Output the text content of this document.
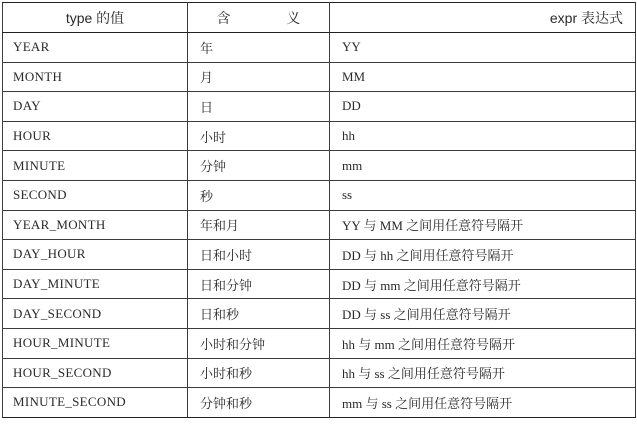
type 的值	含 义	expr 表达式
YEAR	年	YY
MONTH	月	MM
DAY	日	DD
HOUR	小时	hh
MINUTE	分钟	mm
SECOND	秒	ss
YEAR_MONTH	年和月	YY 与 MM 之间用任意符号隔开
DAY_HOUR	日和小时	DD 与 hh 之间用任意符号隔开
DAY_MINUTE	日和分钟	DD 与 mm 之间用任意符号隔开
DAY_SECOND	日和秒	DD 与 ss 之间用任意符号隔开
HOUR_MINUTE	小时和分钟	hh 与 mm 之间用任意符号隔开
HOUR_SECOND	小时和秒	hh 与 ss 之间用任意符号隔开
MINUTE_SECOND	分钟和秒	mm 与 ss 之间用任意符号隔开
